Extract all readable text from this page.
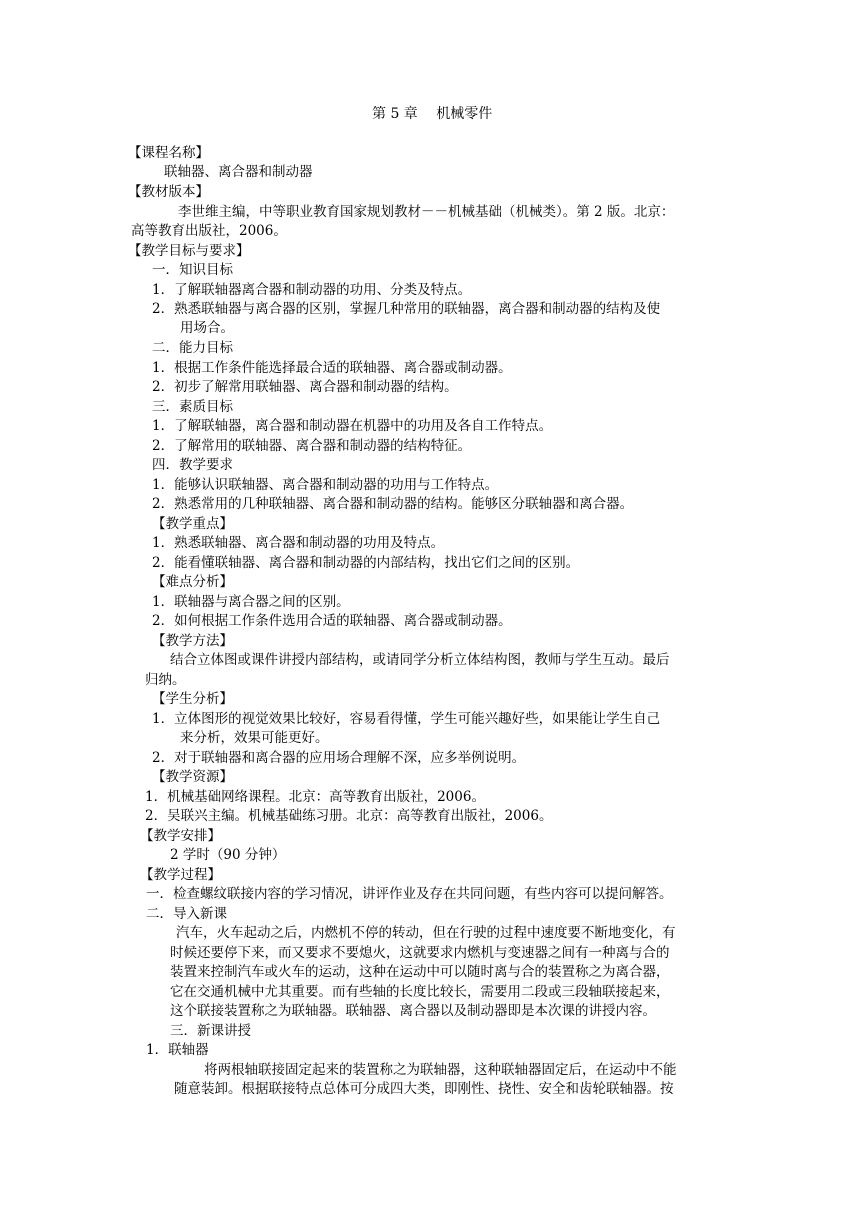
第 5 章　 机械零件

【课程名称】

联轴器、离合器和制动器

【教材版本】

李世维主编，中等职业教育国家规划教材－－机械基础（机械类）。第 2 版。北京：

高等教育出版社，2006。

【教学目标与要求】

一．知识目标

1．了解联轴器离合器和制动器的功用、分类及特点。

2．熟悉联轴器与离合器的区别，掌握几种常用的联轴器，离合器和制动器的结构及使

用场合。

二．能力目标

1．根据工作条件能选择最合适的联轴器、离合器或制动器。

2．初步了解常用联轴器、离合器和制动器的结构。

三．素质目标

1．了解联轴器，离合器和制动器在机器中的功用及各自工作特点。

2．了解常用的联轴器、离合器和制动器的结构特征。

四．教学要求

1．能够认识联轴器、离合器和制动器的功用与工作特点。

2．熟悉常用的几种联轴器、离合器和制动器的结构。能够区分联轴器和离合器。

【教学重点】

1．熟悉联轴器、离合器和制动器的功用及特点。

2．能看懂联轴器、离合器和制动器的内部结构，找出它们之间的区别。

【难点分析】

1．联轴器与离合器之间的区别。

2．如何根据工作条件选用合适的联轴器、离合器或制动器。

【教学方法】

结合立体图或课件讲授内部结构，或请同学分析立体结构图，教师与学生互动。最后

归纳。

【学生分析】

1．立体图形的视觉效果比较好，容易看得懂，学生可能兴趣好些，如果能让学生自己

来分析，效果可能更好。

2．对于联轴器和离合器的应用场合理解不深，应多举例说明。

【教学资源】

1．机械基础网络课程。北京：高等教育出版社，2006。

2．吴联兴主编。机械基础练习册。北京：高等教育出版社，2006。

【教学安排】

2 学时（90 分钟）

【教学过程】

一．检查螺纹联接内容的学习情况，讲评作业及存在共同问题，有些内容可以提问解答。

二．导入新课

汽车，火车起动之后，内燃机不停的转动，但在行驶的过程中速度要不断地变化，有

时候还要停下来，而又要求不要熄火，这就要求内燃机与变速器之间有一种离与合的

装置来控制汽车或火车的运动，这种在运动中可以随时离与合的装置称之为离合器，

它在交通机械中尤其重要。而有些轴的长度比较长，需要用二段或三段轴联接起来，

这个联接装置称之为联轴器。联轴器、离合器以及制动器即是本次课的讲授内容。

三．新课讲授

1．联轴器

将两根轴联接固定起来的装置称之为联轴器，这种联轴器固定后，在运动中不能

随意装卸。根据联接特点总体可分成四大类，即刚性、挠性、安全和齿轮联轴器。按
